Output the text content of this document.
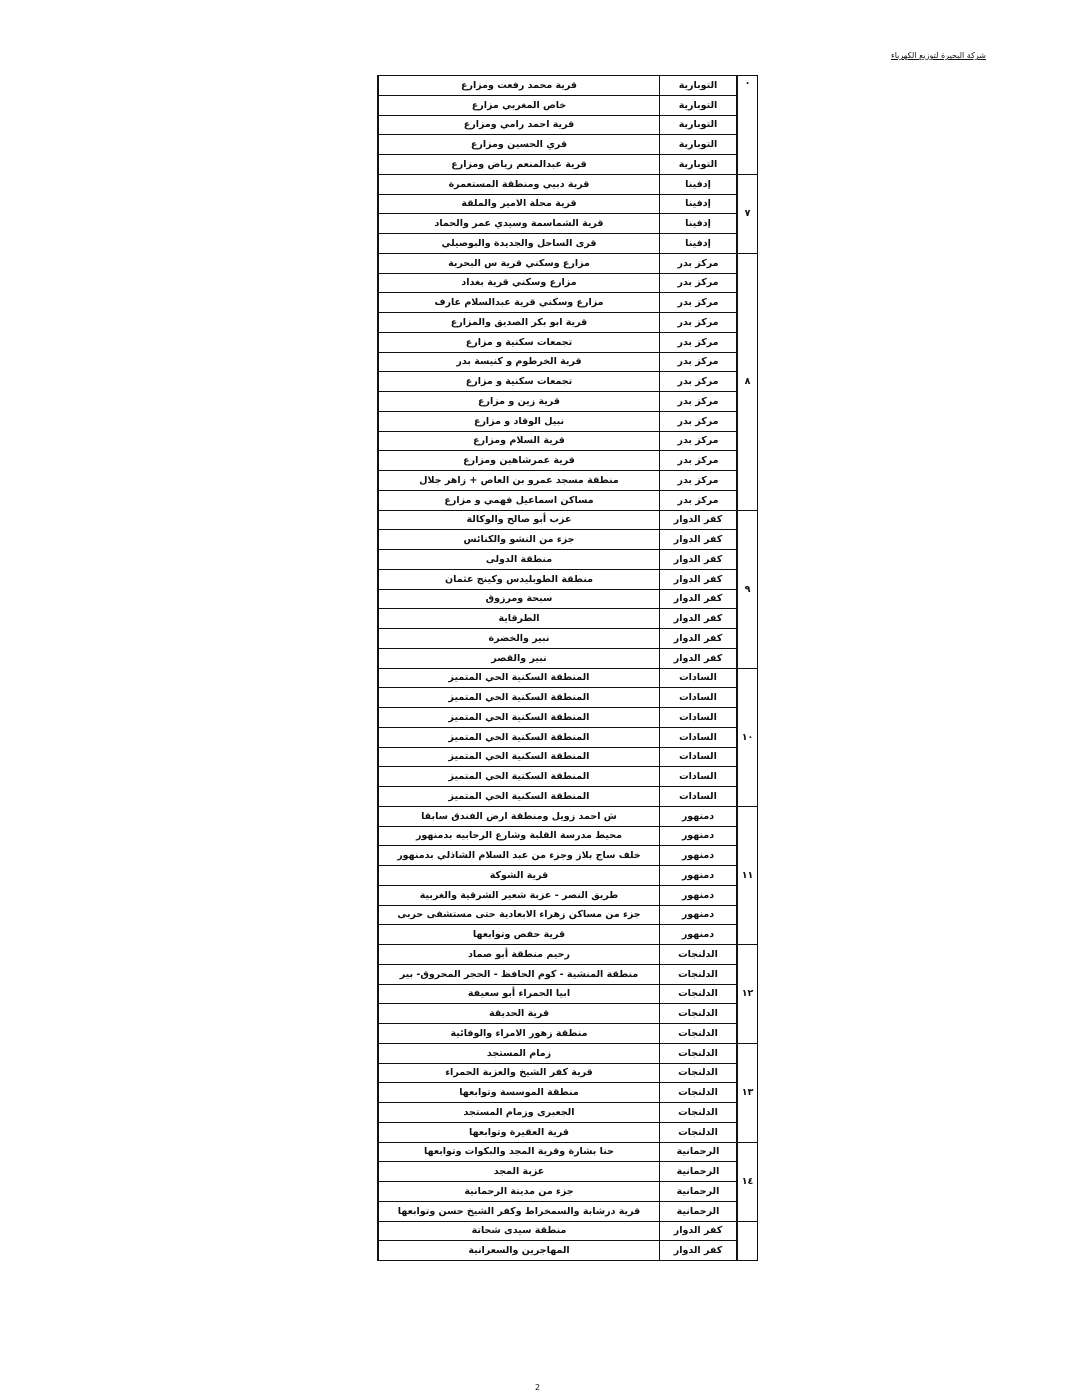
شركة البحيرة لتوزيع الكهرباء
.	التوبارية	قرية محمد رفعت ومزارع
	التوبارية	خاص المغربي مزارع
	التوبارية	قرية احمد رامي ومزارع
	التوبارية	قري الحسين ومزارع
	التوبارية	قرية عبدالمنعم رياض ومزارع
٧	إدفينا	قرية دبيي ومنطقة المستعمرة
	إدفينا	قرية محلة الامير والملقة
	إدفينا	قرية الشماسمة وسيدي عمر والحماد
	إدفينا	قرى الساحل والجديدة والبوصيلي
٨	مركز بدر	مزارع وسكني قرية س البحرية
	مركز بدر	مزارع وسكني قرية بغداد
	مركز بدر	مزارع وسكني قرية عبدالسلام عارف
	مركز بدر	قرية ابو بكر الصديق والمزارع
	مركز بدر	تجمعات سكنية و مزارع
	مركز بدر	قرية الخرطوم و كنيسة بدر
	مركز بدر	تجمعات سكنية و مزارع
	مركز بدر	قرية زين و مزارع
	مركز بدر	نبيل الوقاد و مزارع
	مركز بدر	قرية السلام ومزارع
	مركز بدر	قرية عمرشاهين ومزارع
	مركز بدر	منطقة مسجد عمرو بن العاص + زاهر جلال
	مركز بدر	مساكن اسماعيل فهمي و مزارع
٩	كفر الدوار	عزب أبو صالح والوكالة
	كفر الدوار	جزء من النشو والكنائس
	كفر الدوار	منطقة الدولى
	كفر الدوار	منطقة الطوبليدس وكينج عثمان
	كفر الدوار	سبحة ومرزوق
	كفر الدوار	الطرقاية
	كفر الدوار	نبير والخضرة
	كفر الدوار	نبير والقصر
١٠	السادات	المنطقة السكنية الحي المتميز
	السادات	المنطقة السكنية الحي المتميز
	السادات	المنطقة السكنية الحي المتميز
	السادات	المنطقة السكنية الحي المتميز
	السادات	المنطقة السكنية الحي المتميز
	السادات	المنطقة السكنية الحي المتميز
	السادات	المنطقة السكنية الحي المتميز
١١	دمنهور	ش احمد زويل ومنطقة ارض الفندق سابقا
	دمنهور	محيط مدرسة القلبة وشارع الرحابيه بدمنهور
	دمنهور	خلف ساج بلاز وجزء من عبد السلام الشاذلي بدمنهور
	دمنهور	قرية الشوكة
	دمنهور	طريق النصر - عزبة شعير الشرقية والغربية
	دمنهور	جزء من مساكن زهراء الابعادية حتى مستشفى حربى
	دمنهور	قرية حفص وتوابعها
١٢	الدلنجات	رحيم منطقة أبو صماد
	الدلنجات	منطقة المنشية - كوم الحافظ - الحجر المحروق- بير
	الدلنجات	ابيا الحمراء أبو سعيفة
	الدلنجات	قرية الحديقة
	الدلنجات	منطقة زهور الامراء والوفائية
١٣	الدلنجات	زمام المستجد
	الدلنجات	قرية كفر الشيخ والعزبة الحمراء
	الدلنجات	منطقة الموسسة وتوابعها
	الدلنجات	الجعبرى وزمام المستجد
	الدلنجات	قرية العقيرة وتوابعها
١٤	الرحمانية	حنا بشارة وقرية المجد والبكوات وتوابعها
	الرحمانية	عزبة المجد
	الرحمانية	جزء من مدينة الرحمانية
	الرحمانية	قرية درشابة والسمخراط وكفر الشيخ حسن وتوابعها
	كفر الدوار	منطقة سيدى شحاتة
	كفر الدوار	المهاجرين والسعرانية
2
